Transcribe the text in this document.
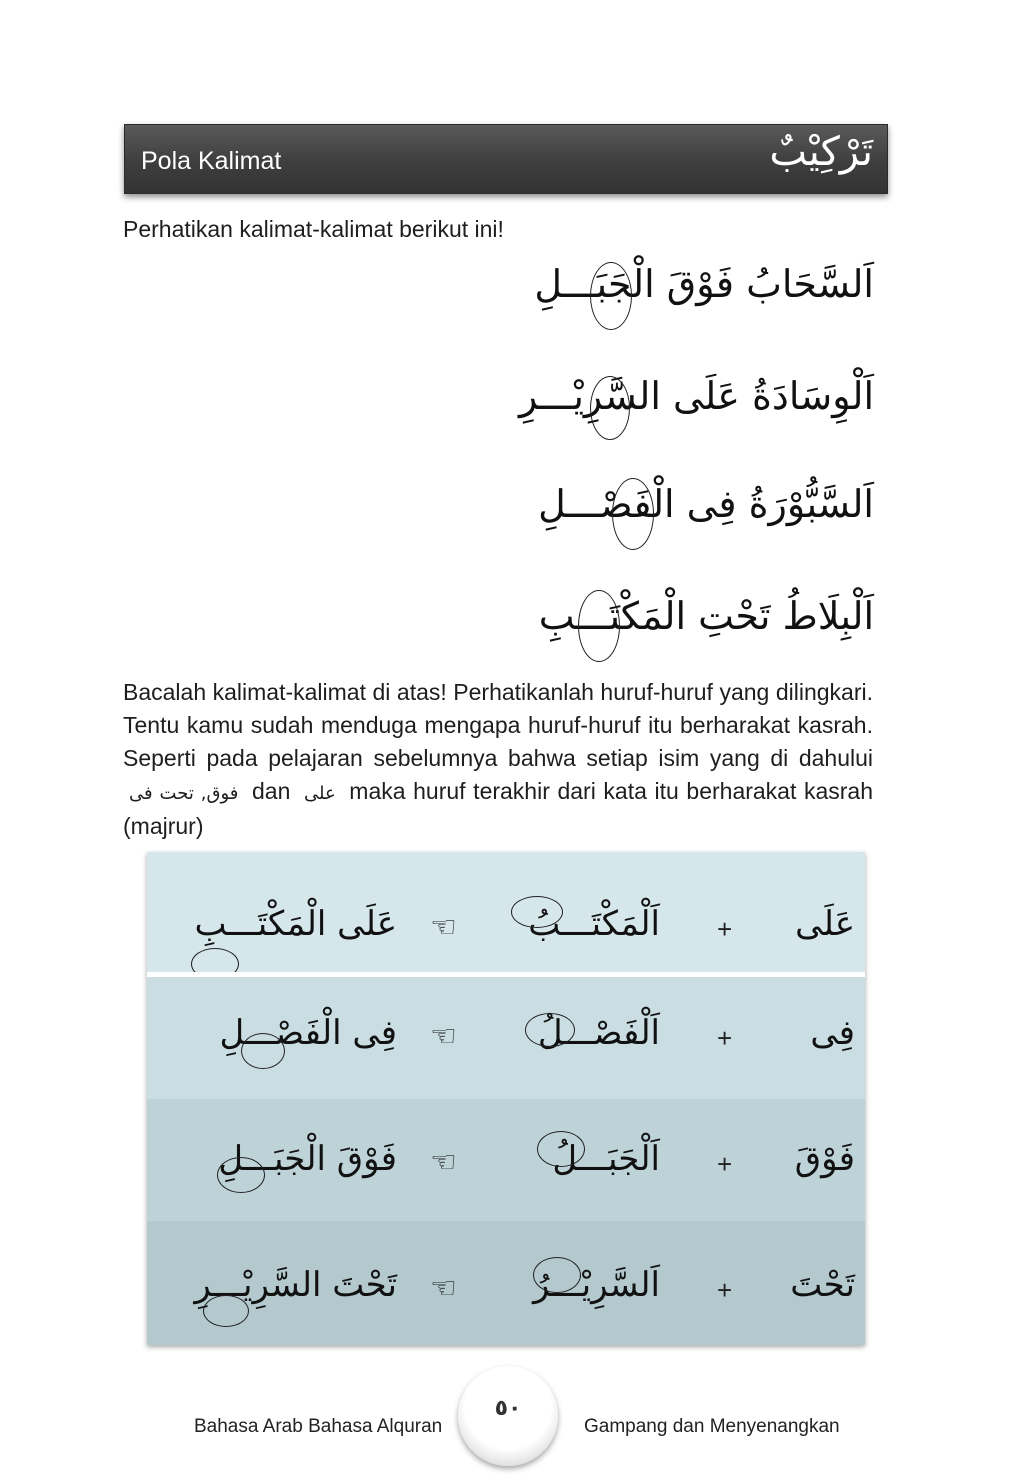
Pola Kalimat	تَرْكِيْبٌ
Perhatikan kalimat-kalimat berikut ini!
اَلسَّحَابُ فَوْقَ الْجَبَـــلِ
اَلْوِسَادَةُ عَلَى السَّرِيْـــرِ
اَلسَّبُّوْرَةُ فِى الْفَصْـــلِ
اَلْبِلَاطُ تَحْتِ الْمَكْتَـــبِ
Bacalah kalimat-kalimat di atas! Perhatikanlah huruf-huruf yang dilingkari. Tentu kamu sudah menduga mengapa huruf-huruf itu berharakat kasrah. Seperti pada pelajaran sebelumnya bahwa setiap isim yang di dahului فوق, تحت فى dan على maka huruf terakhir dari kata itu berharakat kasrah (majrur)
عَلَى
+
اَلْمَكْتَـــبُ
☜
عَلَى الْمَكْتَـــبِ
فِى
+
اَلْفَصْـــلُ
☜
فِى الْفَصْـــلِ
فَوْقَ
+
اَلْجَبَـــلُ
☜
فَوْقَ الْجَبَـــلِ
تَحْتَ
+
اَلسَّرِيْـــرُ
☜
تَحْتَ السَّرِيْـــرِ
Bahasa Arab Bahasa Alquran
٥٠
Gampang dan Menyenangkan
